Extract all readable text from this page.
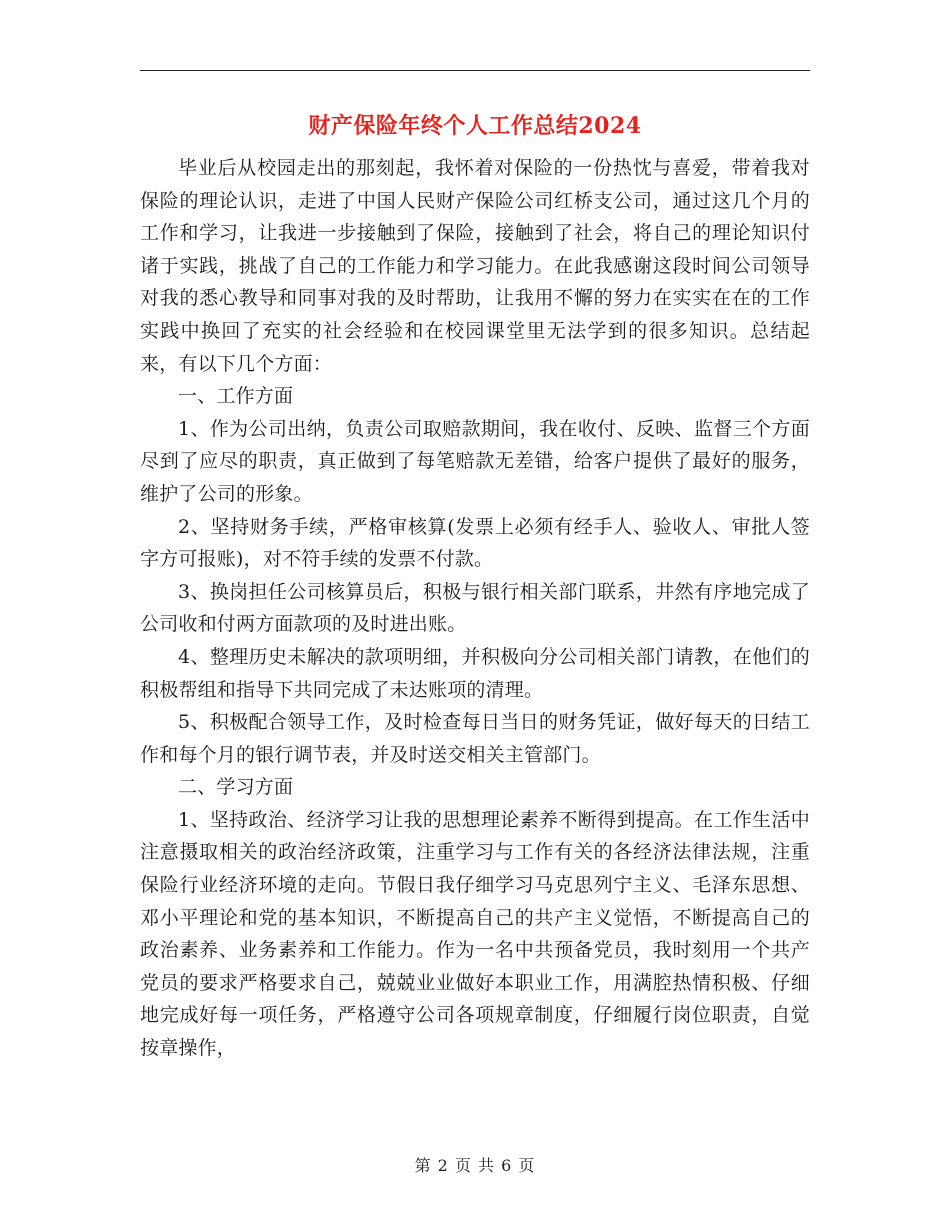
财产保险年终个人工作总结2024

毕业后从校园走出的那刻起，我怀着对保险的一份热忱与喜爱，带着我对保险的理论认识，走进了中国人民财产保险公司红桥支公司，通过这几个月的工作和学习，让我进一步接触到了保险，接触到了社会，将自己的理论知识付诸于实践，挑战了自己的工作能力和学习能力。在此我感谢这段时间公司领导对我的悉心教导和同事对我的及时帮助，让我用不懈的努力在实实在在的工作实践中换回了充实的社会经验和在校园课堂里无法学到的很多知识。总结起来，有以下几个方面：

一、工作方面

1、作为公司出纳，负责公司取赔款期间，我在收付、反映、监督三个方面尽到了应尽的职责，真正做到了每笔赔款无差错，给客户提供了最好的服务，维护了公司的形象。

2、坚持财务手续，严格审核算(发票上必须有经手人、验收人、审批人签字方可报账)，对不符手续的发票不付款。

3、换岗担任公司核算员后，积极与银行相关部门联系，井然有序地完成了公司收和付两方面款项的及时进出账。

4、整理历史未解决的款项明细，并积极向分公司相关部门请教，在他们的积极帮组和指导下共同完成了未达账项的清理。

5、积极配合领导工作，及时检查每日当日的财务凭证，做好每天的日结工作和每个月的银行调节表，并及时送交相关主管部门。

二、学习方面

1、坚持政治、经济学习让我的思想理论素养不断得到提高。在工作生活中注意摄取相关的政治经济政策，注重学习与工作有关的各经济法律法规，注重保险行业经济环境的走向。节假日我仔细学习马克思列宁主义、毛泽东思想、邓小平理论和党的基本知识，不断提高自己的共产主义觉悟，不断提高自己的政治素养、业务素养和工作能力。作为一名中共预备党员，我时刻用一个共产党员的要求严格要求自己，兢兢业业做好本职业工作，用满腔热情积极、仔细地完成好每一项任务，严格遵守公司各项规章制度，仔细履行岗位职责，自觉按章操作，

第 2 页 共 6 页
